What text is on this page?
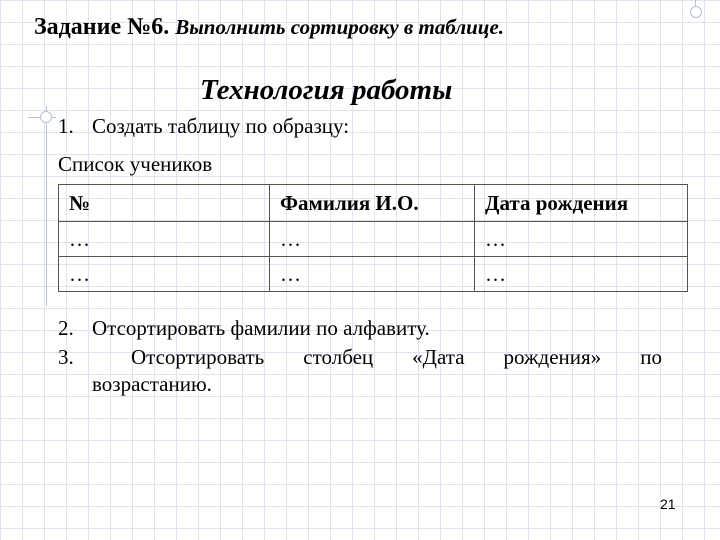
Задание №6. Выполнить сортировку в таблице.
Технология работы
1. Создать таблицу по образцу:
Список учеников
№	Фамилия И.О.	Дата рождения
…	…	…
…	…	…
2. Отсортировать фамилии по алфавиту.
3.	Отсортировать столбец «Дата рождения» по
возрастанию.
21
